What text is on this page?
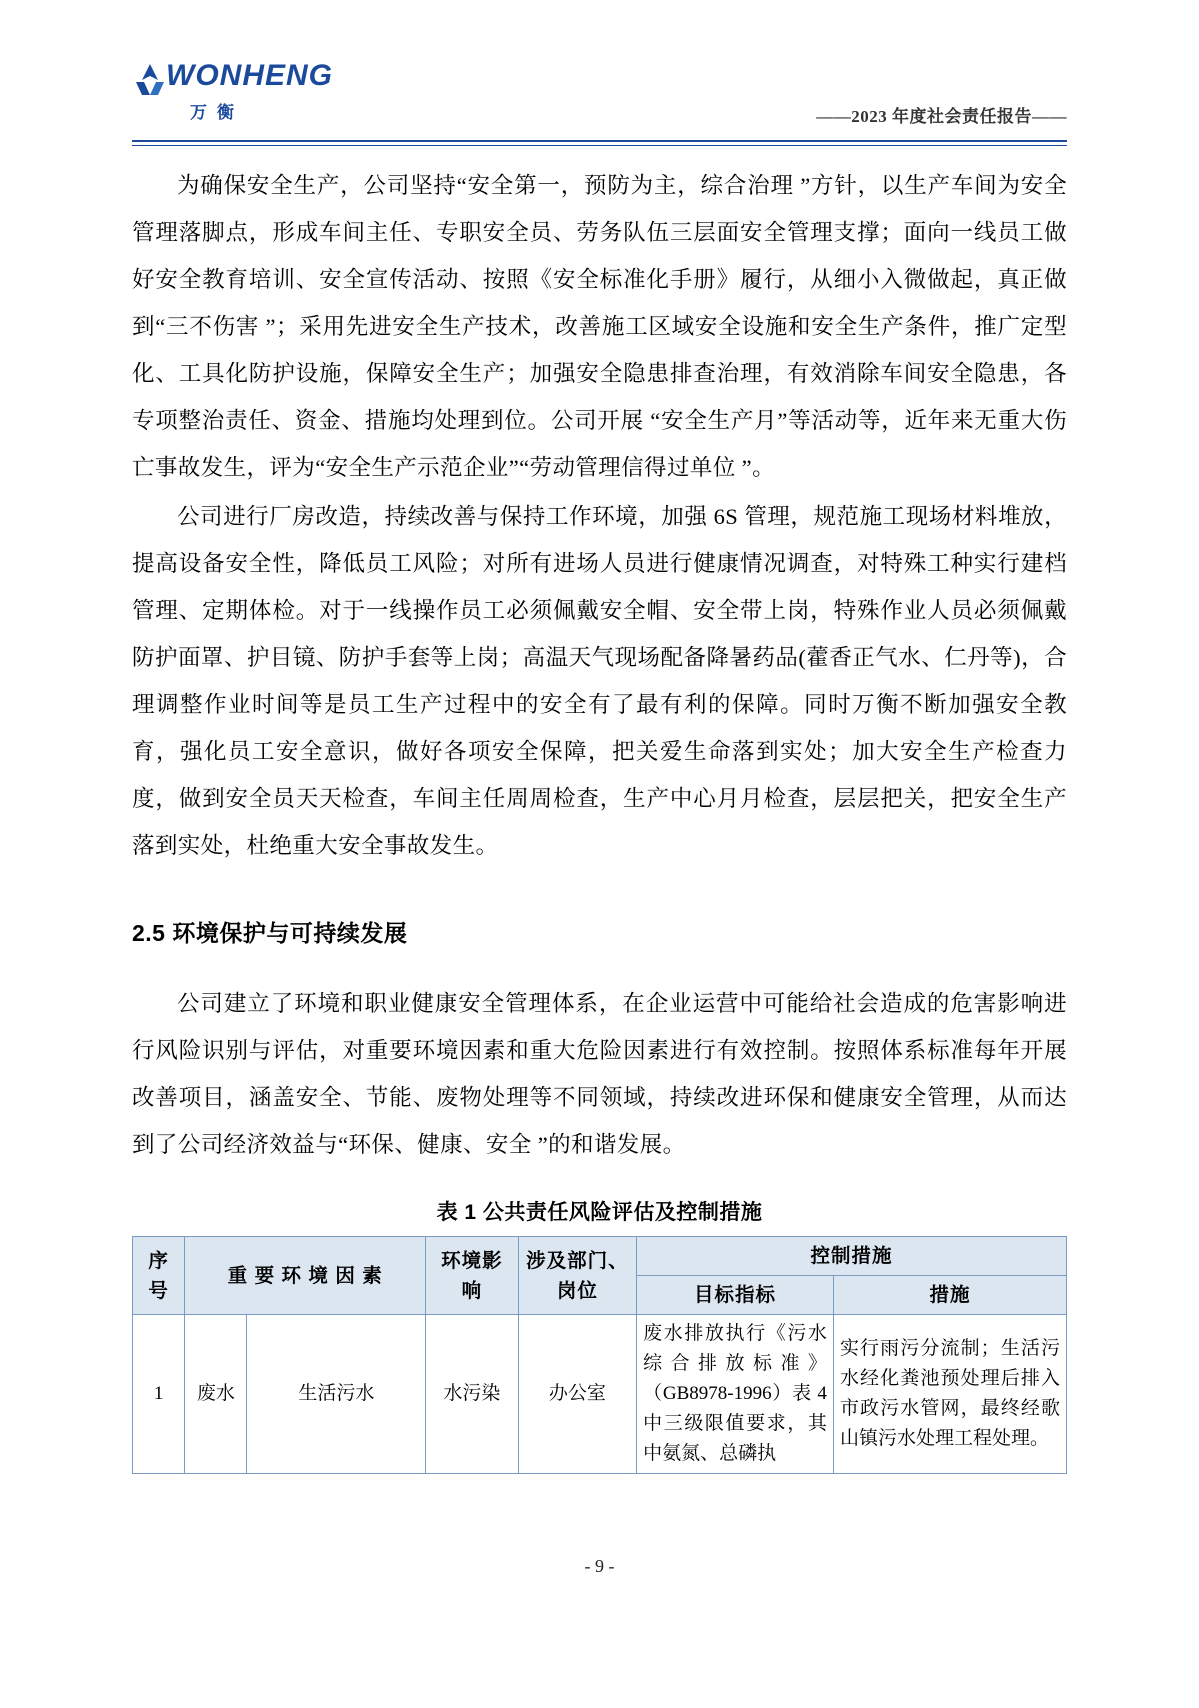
WONHENG
万衡	——2023 年度社会责任报告——

为确保安全生产，公司坚持“安全第一，预防为主，综合治理 ”方针，以生产车间为安全管理落脚点，形成车间主任、专职安全员、劳务队伍三层面安全管理支撑；面向一线员工做好安全教育培训、安全宣传活动、按照《安全标准化手册》履行，从细小入微做起，真正做到“三不伤害 ”；采用先进安全生产技术，改善施工区域安全设施和安全生产条件，推广定型化、工具化防护设施，保障安全生产；加强安全隐患排查治理，有效消除车间安全隐患，各专项整治责任、资金、措施均处理到位。公司开展 “安全生产月”等活动等，近年来无重大伤亡事故发生，评为“安全生产示范企业”“劳动管理信得过单位 ”。

公司进行厂房改造，持续改善与保持工作环境，加强 6S 管理，规范施工现场材料堆放，提高设备安全性，降低员工风险；对所有进场人员进行健康情况调查，对特殊工种实行建档管理、定期体检。对于一线操作员工必须佩戴安全帽、安全带上岗，特殊作业人员必须佩戴防护面罩、护目镜、防护手套等上岗；高温天气现场配备降暑药品(藿香正气水、仁丹等)，合理调整作业时间等是员工生产过程中的安全有了最有利的保障。同时万衡不断加强安全教育，强化员工安全意识，做好各项安全保障，把关爱生命落到实处；加大安全生产检查力度，做到安全员天天检查，车间主任周周检查，生产中心月月检查，层层把关，把安全生产落到实处，杜绝重大安全事故发生。

2.5 环境保护与可持续发展

公司建立了环境和职业健康安全管理体系，在企业运营中可能给社会造成的危害影响进行风险识别与评估，对重要环境因素和重大危险因素进行有效控制。按照体系标准每年开展改善项目，涵盖安全、节能、废物处理等不同领域，持续改进环保和健康安全管理，从而达到了公司经济效益与“环保、健康、安全 ”的和谐发展。

表 1 公共责任风险评估及控制措施
序号	重 要 环 境 因 素		环境影响	涉及部门、岗位	控制措施	
					目标指标	措施
1	废水	生活污水	水污染	办公室	废水排放执行《污水综合排放标准》（GB8978-1996）表 4 中三级限值要求，其中氨氮、总磷执	实行雨污分流制；生活污水经化粪池预处理后排入市政污水管网，最终经歌山镇污水处理工程处理。
- 9 -
